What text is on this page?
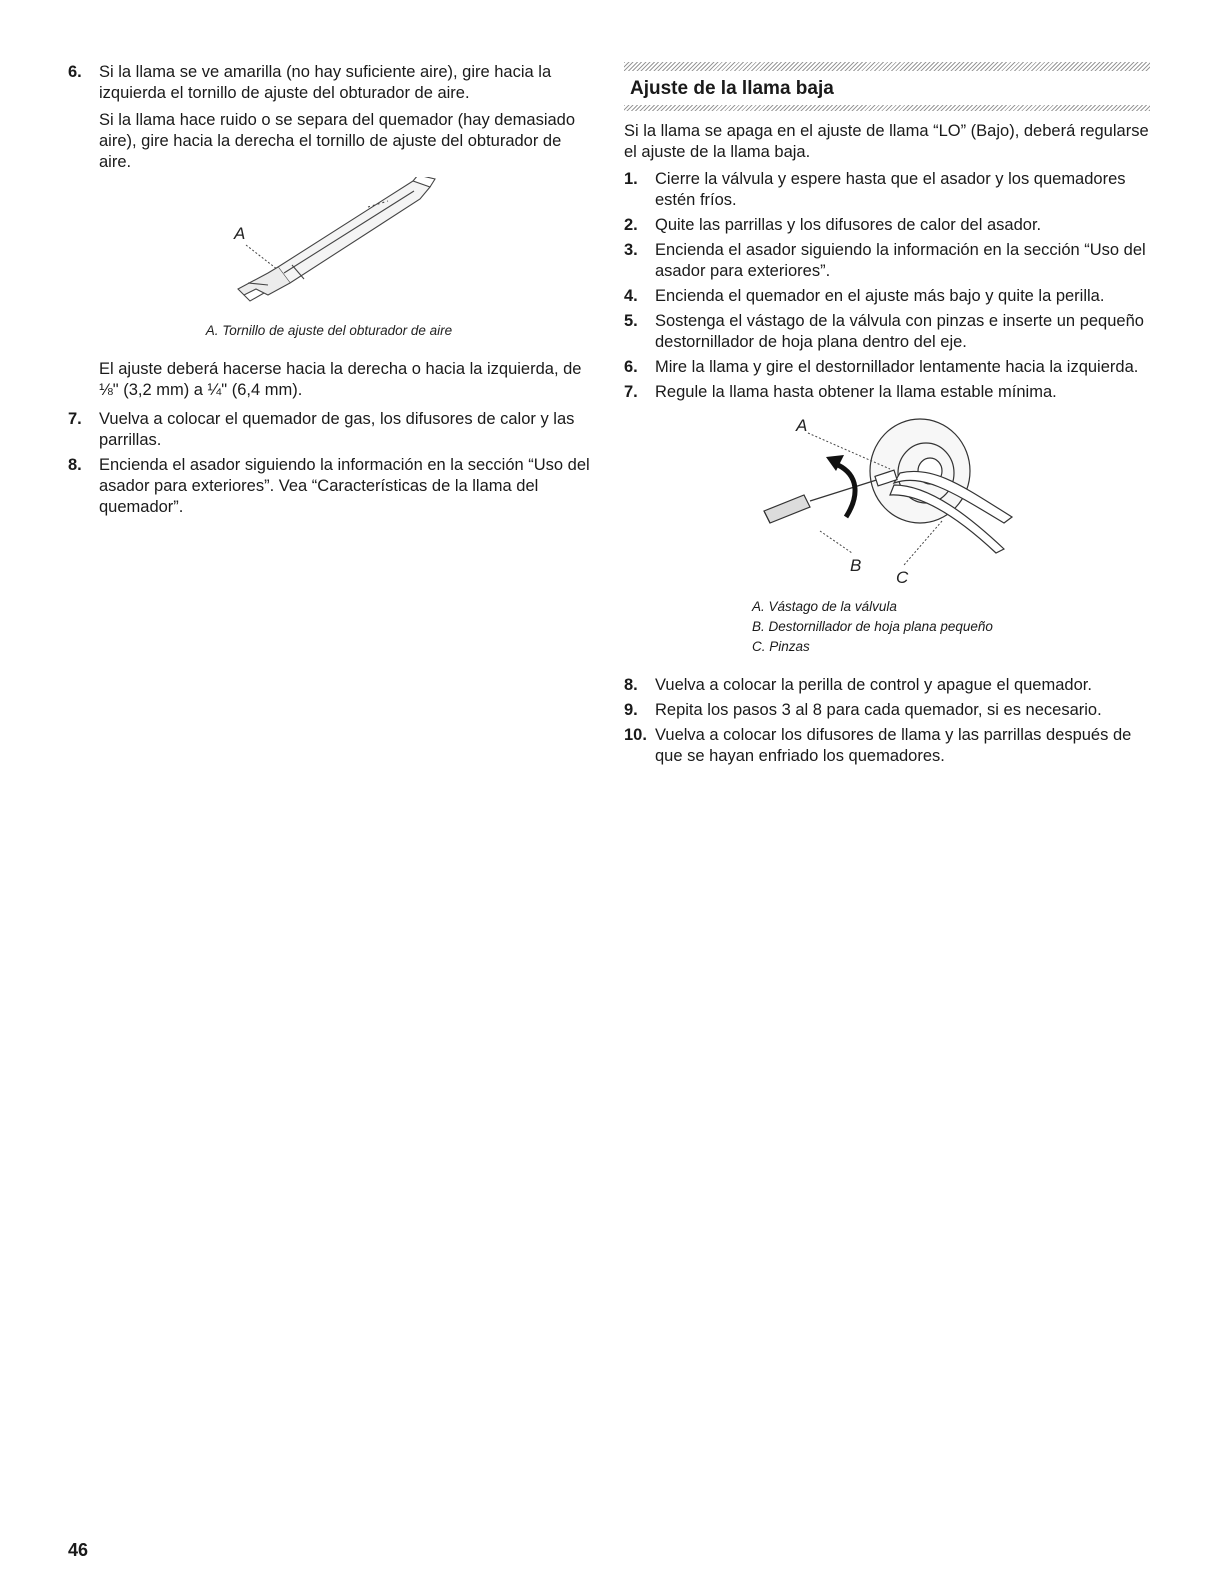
6. Si la llama se ve amarilla (no hay suficiente aire), gire hacia la izquierda el tornillo de ajuste del obturador de aire.

Si la llama hace ruido o se separa del quemador (hay demasiado aire), gire hacia la derecha el tornillo de ajuste del obturador de aire.

A
A. Tornillo de ajuste del obturador de aire

El ajuste deberá hacerse hacia la derecha o hacia la izquierda, de ⅛" (3,2 mm) a ¼" (6,4 mm).

7. Vuelva a colocar el quemador de gas, los difusores de calor y las parrillas.
8. Encienda el asador siguiendo la información en la sección “Uso del asador para exteriores”. Vea “Características de la llama del quemador”.
Ajuste de la llama baja

Si la llama se apaga en el ajuste de llama “LO” (Bajo), deberá regularse el ajuste de la llama baja.

1. Cierre la válvula y espere hasta que el asador y los quemadores estén fríos.
2. Quite las parrillas y los difusores de calor del asador.
3. Encienda el asador siguiendo la información en la sección “Uso del asador para exteriores”.
4. Encienda el quemador en el ajuste más bajo y quite la perilla.
5. Sostenga el vástago de la válvula con pinzas e inserte un pequeño destornillador de hoja plana dentro del eje.
6. Mire la llama y gire el destornillador lentamente hacia la izquierda.
7. Regule la llama hasta obtener la llama estable mínima.
A
B
C
A. Vástago de la válvula
B. Destornillador de hoja plana pequeño
C. Pinzas
8. Vuelva a colocar la perilla de control y apague el quemador.
9. Repita los pasos 3 al 8 para cada quemador, si es necesario.
10. Vuelva a colocar los difusores de llama y las parrillas después de que se hayan enfriado los quemadores.
46
